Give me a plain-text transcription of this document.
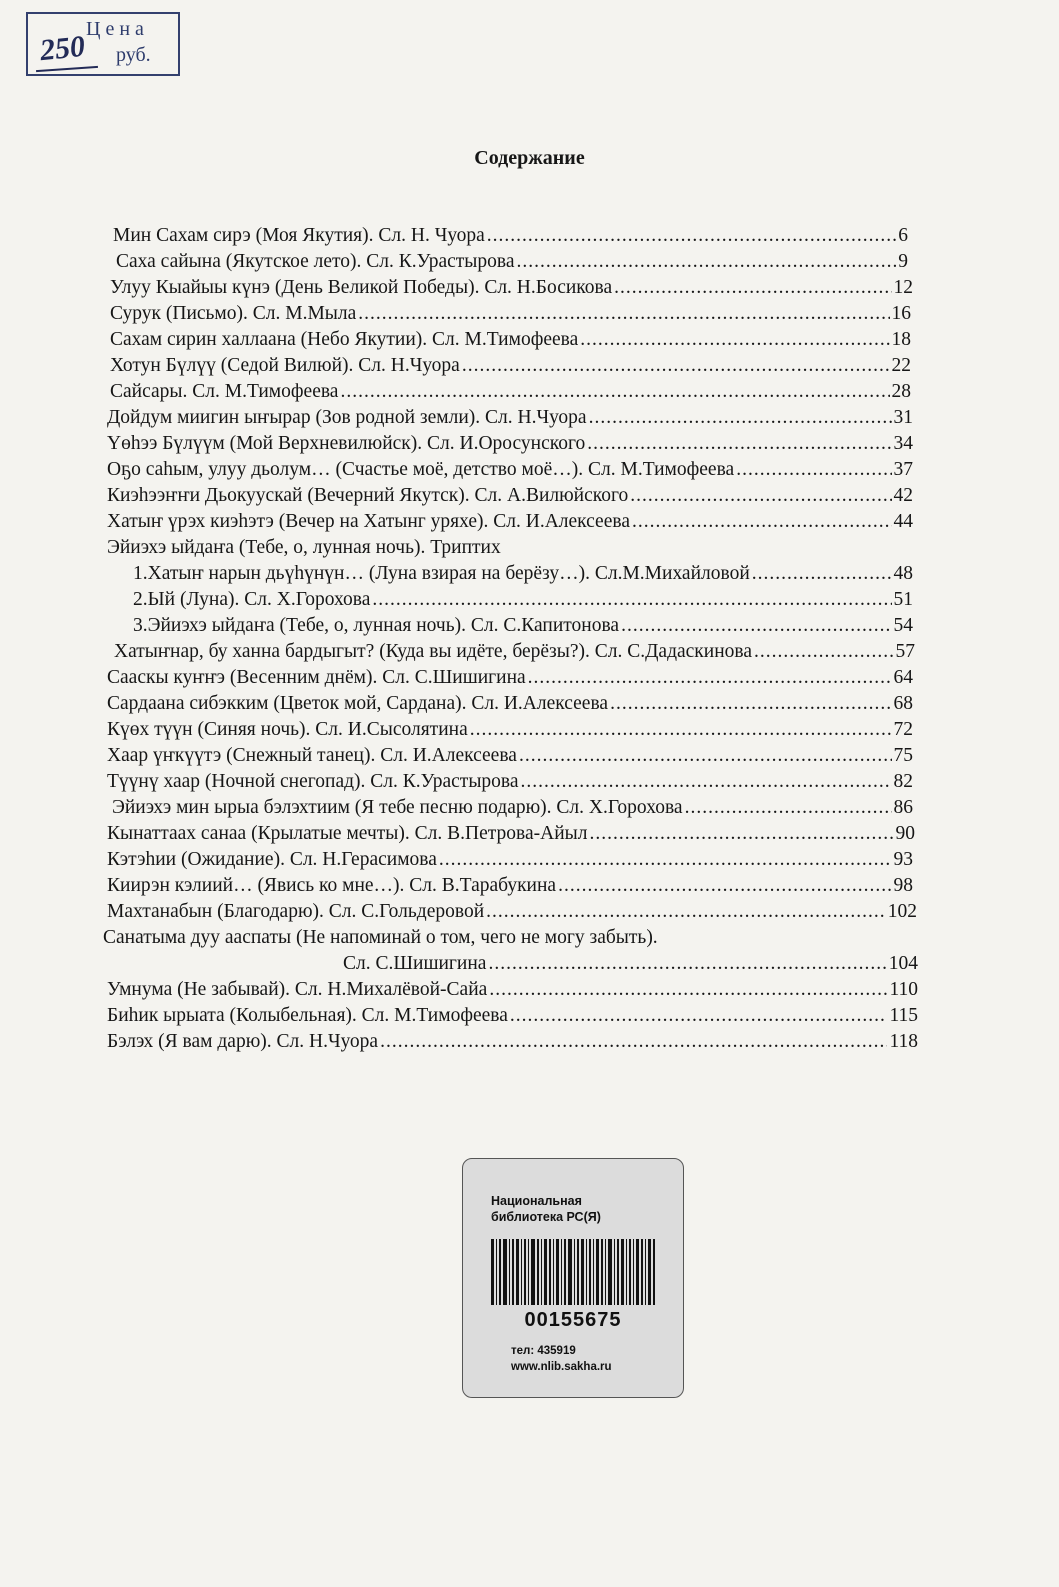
Цена
250 руб.
Содержание
Мин Сахам сирэ (Моя Якутия). Сл. Н. Чуора .....	6
Саха сайына (Якутское лето). Сл. К.Урастырова .....	9
Улуу Кыайыы күнэ (День Великой Победы). Сл. Н.Босикова .....	12
Сурук (Письмо). Сл. М.Мыла .....	16
Сахам сирин халлаана (Небо Якутии). Сл. М.Тимофеева .....	18
Хотун Бүлүү (Седой Вилюй). Сл. Н.Чуора .....	22
Сайсары. Сл. М.Тимофеева .....	28
Дойдум миигин ыҥырар (Зов родной земли). Сл. Н.Чуора .....	31
Үөһээ Бүлүүм (Мой Верхневилюйск). Сл. И.Оросунского .....	34
Оҕо саһым, улуу дьолум… (Счастье моё, детство моё…). Сл. М.Тимофеева .....	37
Киэһээҥҥи Дьокуускай (Вечерний Якутск). Сл. А.Вилюйского .....	42
Хатыҥ үрэх киэһэтэ (Вечер на Хатынг уряхе). Сл. И.Алексеева .....	44
Эйиэхэ ыйдаҥа (Тебе, о, лунная ночь). Триптих
1.Хатыҥ нарын дьүһүнүн… (Луна взирая на берёзу…). Сл.М.Михайловой .....	48
2.Ый (Луна). Сл. Х.Горохова .....	51
3.Эйиэхэ ыйдаҥа (Тебе, о, лунная ночь). Сл. С.Капитонова .....	54
Хатыҥнар, бу ханна бардыгыт? (Куда вы идёте, берёзы?). Сл. С.Дадаскинова .....	57
Сааскы куҥҥэ (Весенним днём). Сл. С.Шишигина .....	64
Сардаана сибэкким (Цветок мой, Сардана). Сл. И.Алексеева .....	68
Күөх түүн (Синяя ночь). Сл. И.Сысолятина .....	72
Хаар үҥкүүтэ (Снежный танец). Сл. И.Алексеева .....	75
Түүнү хаар (Ночной снегопад). Сл. К.Урастырова .....	82
Эйиэхэ мин ырыа бэлэхтиим (Я тебе песню подарю). Сл. Х.Горохова .....	86
Кынаттаах санаа (Крылатые мечты). Сл. В.Петрова-Айыл .....	90
Кэтэһии (Ожидание). Сл. Н.Герасимова .....	93
Киирэн кэлиий… (Явись ко мне…). Сл. В.Тарабукина .....	98
Махтанабын (Благодарю). Сл. С.Гольдеровой .....	102
Санатыма дуу аaспаты (Не напоминай о том, чего не могу забыть).
Сл. С.Шишигина .....	104
Умнума (Не забывай). Сл. Н.Михалёвой-Сайа .....	110
Биһик ырыата (Колыбельная). Сл. М.Тимофеева .....	115
Бэлэх (Я вам дарю). Сл. Н.Чуора .....	118
Национальная
библиотека РС(Я)
00155675
тел: 435919
www.nlib.sakha.ru
